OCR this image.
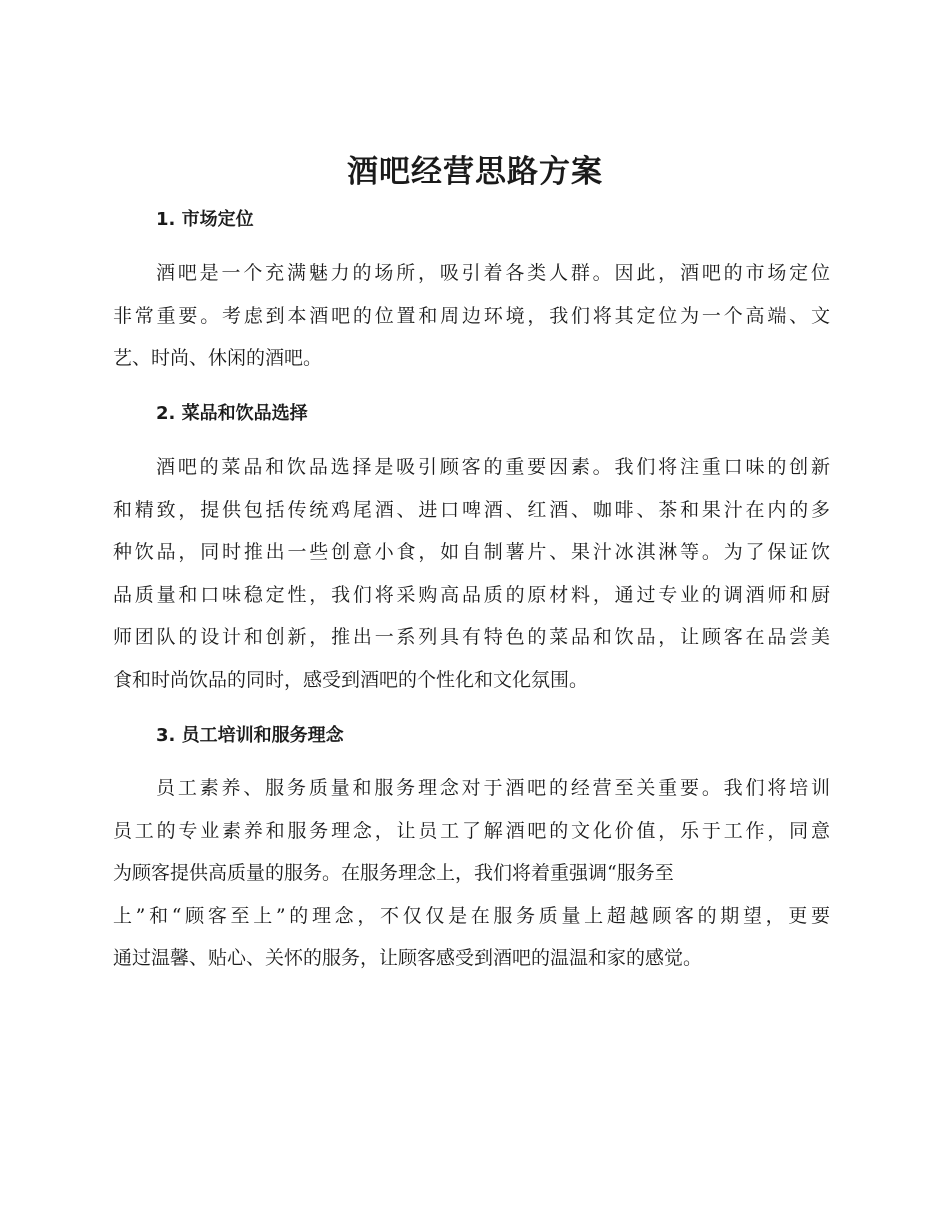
酒吧经营思路方案
1. 市场定位
酒吧是一个充满魅力的场所，吸引着各类人群。因此，酒吧的市场定位
非常重要。考虑到本酒吧的位置和周边环境，我们将其定位为一个高端、文
艺、时尚、休闲的酒吧。
2. 菜品和饮品选择
酒吧的菜品和饮品选择是吸引顾客的重要因素。我们将注重口味的创新
和精致，提供包括传统鸡尾酒、进口啤酒、红酒、咖啡、茶和果汁在内的多
种饮品，同时推出一些创意小食，如自制薯片、果汁冰淇淋等。为了保证饮
品质量和口味稳定性，我们将采购高品质的原材料，通过专业的调酒师和厨
师团队的设计和创新，推出一系列具有特色的菜品和饮品，让顾客在品尝美
食和时尚饮品的同时，感受到酒吧的个性化和文化氛围。
3. 员工培训和服务理念
员工素养、服务质量和服务理念对于酒吧的经营至关重要。我们将培训
员工的专业素养和服务理念，让员工了解酒吧的文化价值，乐于工作，同意
为顾客提供高质量的服务。在服务理念上，我们将着重强调“服务至
上”和“顾客至上”的理念，不仅仅是在服务质量上超越顾客的期望，更要
通过温馨、贴心、关怀的服务，让顾客感受到酒吧的温温和家的感觉。
